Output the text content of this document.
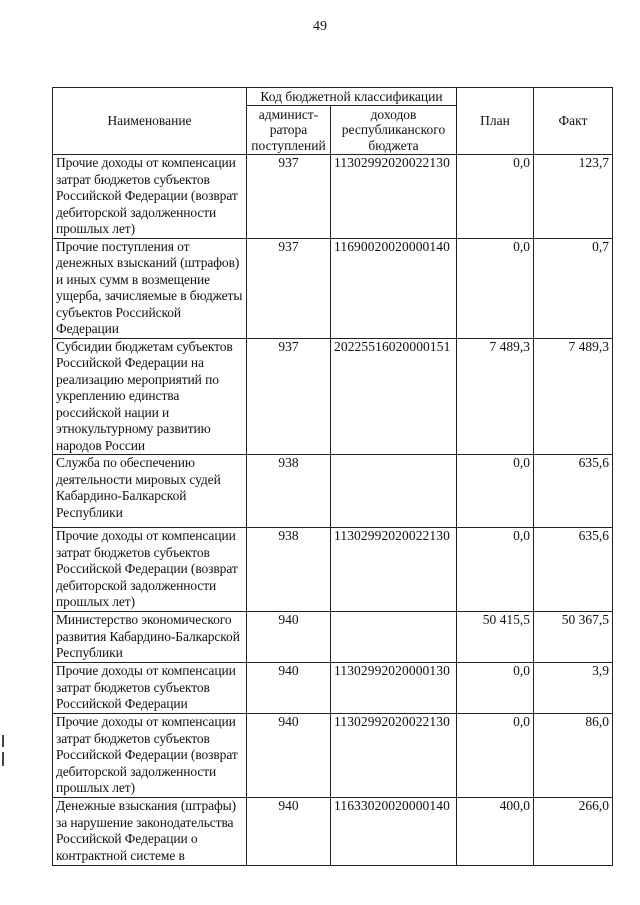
49
Наименование	Код бюджетной классификации		План	Факт
	админист-ратора поступлений	доходов республиканского бюджета		
Прочие доходы от компенсации затрат бюджетов субъектов Российской Федерации (возврат дебиторской задолженности прошлых лет)	937	11302992020022130	0,0	123,7
Прочие поступления от денежных взысканий (штрафов) и иных сумм в возмещение ущерба, зачисляемые в бюджеты субъектов Российской Федерации	937	11690020020000140	0,0	0,7
Субсидии бюджетам субъектов Российской Федерации на реализацию мероприятий по укреплению единства российской нации и этнокультурному развитию народов России	937	20225516020000151	7 489,3	7 489,3
Служба по обеспечению деятельности мировых судей Кабардино-Балкарской Республики	938		0,0	635,6
Прочие доходы от компенсации затрат бюджетов субъектов Российской Федерации (возврат дебиторской задолженности прошлых лет)	938	11302992020022130	0,0	635,6
Министерство экономического развития Кабардино-Балкарской Республики	940		50 415,5	50 367,5
Прочие доходы от компенсации затрат бюджетов субъектов Российской Федерации	940	11302992020000130	0,0	3,9
Прочие доходы от компенсации затрат бюджетов субъектов Российской Федерации (возврат дебиторской задолженности прошлых лет)	940	11302992020022130	0,0	86,0
Денежные взыскания (штрафы) за нарушение законодательства Российской Федерации о контрактной системе в	940	11633020020000140	400,0	266,0
